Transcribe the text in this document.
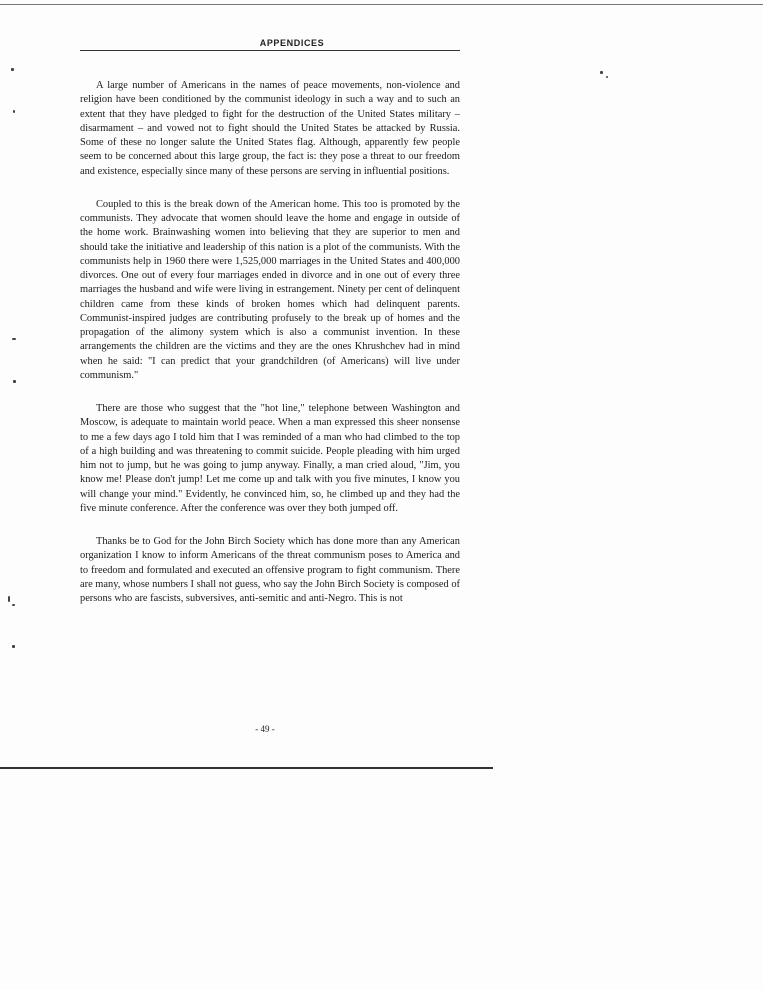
APPENDICES

A large number of Americans in the names of peace movements, non-violence and religion have been conditioned by the communist ideology in such a way and to such an extent that they have pledged to fight for the destruction of the United States military – disarmament – and vowed not to fight should the United States be attacked by Russia. Some of these no longer salute the United States flag. Although, apparently few people seem to be concerned about this large group, the fact is: they pose a threat to our freedom and existence, especially since many of these persons are serving in influential positions.

Coupled to this is the break down of the American home. This too is promoted by the communists. They advocate that women should leave the home and engage in outside of the home work. Brainwashing women into believing that they are superior to men and should take the initiative and leadership of this nation is a plot of the communists. With the communists help in 1960 there were 1,525,000 marriages in the United States and 400,000 divorces. One out of every four marriages ended in divorce and in one out of every three marriages the husband and wife were living in estrangement. Ninety per cent of delinquent children came from these kinds of broken homes which had delinquent parents. Communist-inspired judges are contributing profusely to the break up of homes and the propagation of the alimony system which is also a communist invention. In these arrangements the children are the victims and they are the ones Khrushchev had in mind when he said: "I can predict that your grandchildren (of Americans) will live under communism."

There are those who suggest that the "hot line," telephone between Washington and Moscow, is adequate to maintain world peace. When a man expressed this sheer nonsense to me a few days ago I told him that I was reminded of a man who had climbed to the top of a high building and was threatening to commit suicide. People pleading with him urged him not to jump, but he was going to jump anyway. Finally, a man cried aloud, "Jim, you know me! Please don't jump! Let me come up and talk with you five minutes, I know you will change your mind." Evidently, he convinced him, so, he climbed up and they had the five minute conference. After the conference was over they both jumped off.

Thanks be to God for the John Birch Society which has done more than any American organization I know to inform Americans of the threat communism poses to America and to freedom and formulated and executed an offensive program to fight communism. There are many, whose numbers I shall not guess, who say the John Birch Society is composed of persons who are fascists, subversives, anti-semitic and anti-Negro. This is not

- 49 -
